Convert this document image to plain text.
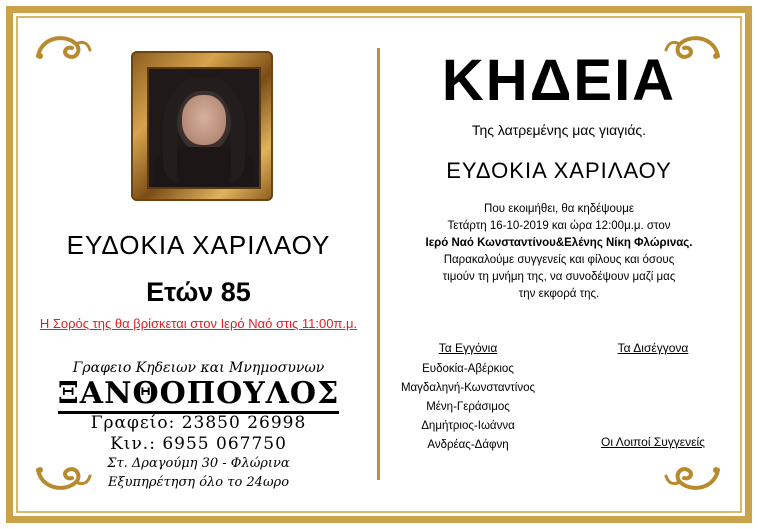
ΕΥΔΟΚΙΑ ΧΑΡΙΛΑΟΥ
Ετών 85
Η Σορός της θα βρίσκεται στον Ιερό Ναό στις 11:00π.μ.
Γραφειο Κηδειων και Μνημοσυνων
ΞΑΝΘΟΠΟΥΛΟΣ
Γραφείο: 23850 26998
Κιν.: 6955 067750
Στ. Δραγούμη 30 - Φλώρινα
Εξυπηρέτηση όλο το 24ωρο
ΚΗΔΕΙΑ
Της λατρεμένης μας γιαγιάς.
ΕΥΔΟΚΙΑ ΧΑΡΙΛΑΟΥ
Που εκοιμήθει, θα κηδέψουμε
Τετάρτη 16-10-2019 και ώρα 12:00μ.μ. στον
Ιερό Ναό Κωνσταντίνου&Ελένης Νίκη Φλώρινας.
Παρακαλούμε συγγενείς και φίλους και όσους
τιμούν τη μνήμη της, να συνοδέψουν μαζί μας
την εκφορά της.
Τα Εγγόνια
Ευδοκία-Αβέρκιος
Μαγδαληνή-Κωνσταντίνος
Μένη-Γεράσιμος
Δημήτριος-Ιωάννα
Ανδρέας-Δάφνη
Τα Δισέγγονα
Οι Λοιποί Συγγενείς
